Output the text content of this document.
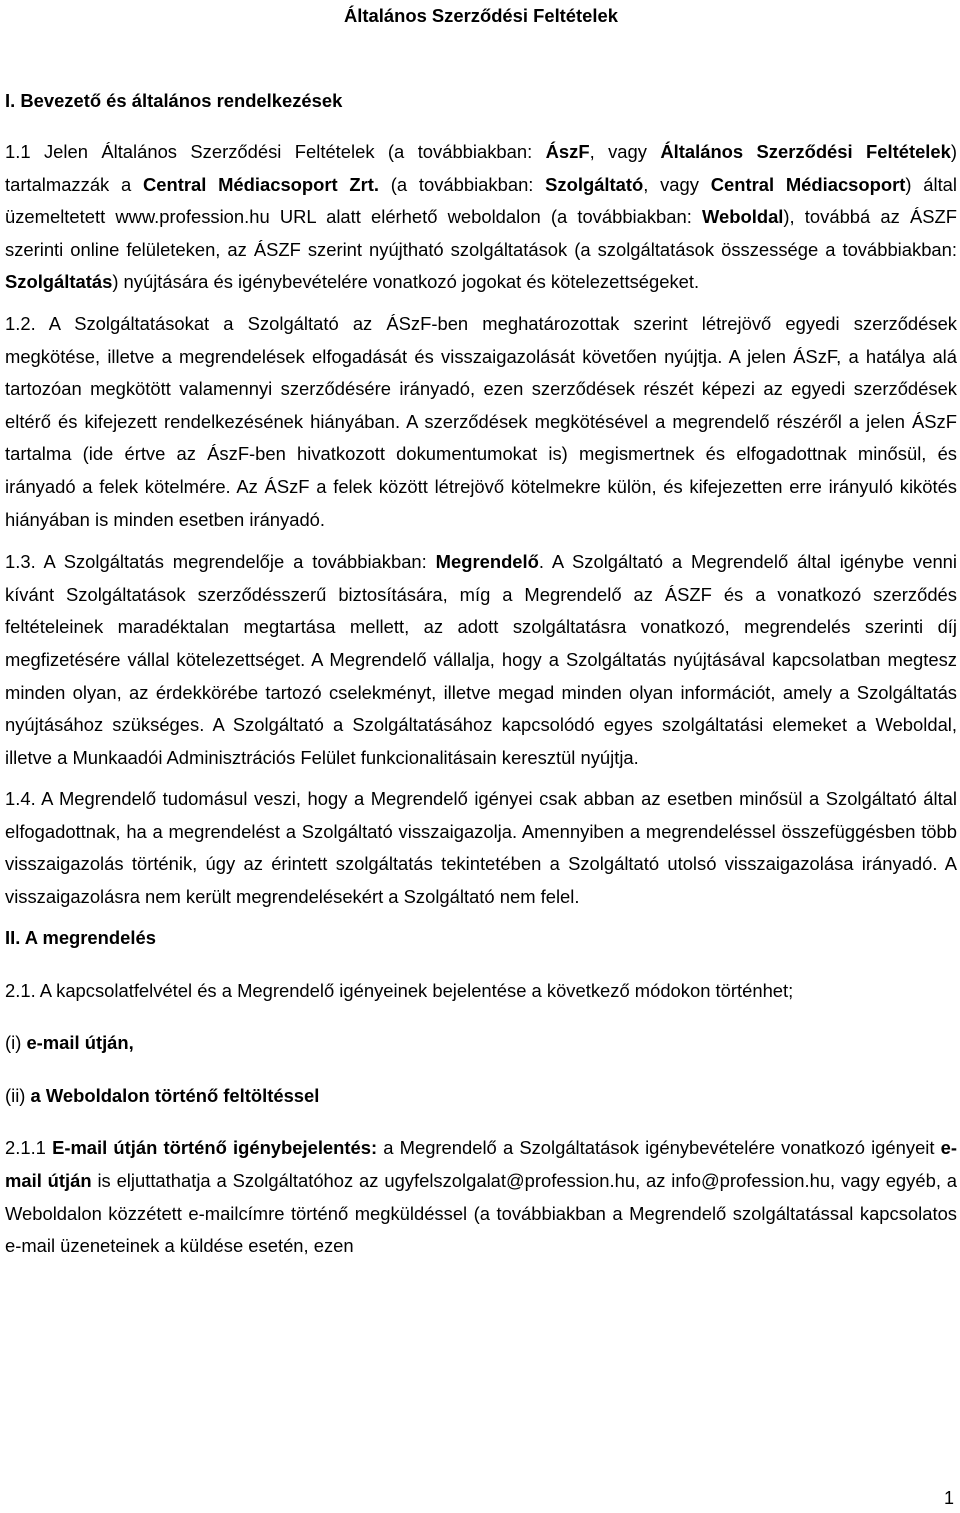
Általános Szerződési Feltételek
I. Bevezető és általános rendelkezések

1.1 Jelen Általános Szerződési Feltételek (a továbbiakban: ÁszF, vagy Általános Szerződési Feltételek) tartalmazzák a Central Médiacsoport Zrt. (a továbbiakban: Szolgáltató, vagy Central Médiacsoport) által üzemeltetett www.profession.hu URL alatt elérhető weboldalon (a továbbiakban: Weboldal), továbbá az ÁSZF szerinti online felületeken, az ÁSZF szerint nyújtható szolgáltatások (a szolgáltatások összessége a továbbiakban: Szolgáltatás) nyújtására és igénybevételére vonatkozó jogokat és kötelezettségeket.

1.2. A Szolgáltatásokat a Szolgáltató az ÁSzF-ben meghatározottak szerint létrejövő egyedi szerződések megkötése, illetve a megrendelések elfogadását és visszaigazolását követően nyújtja. A jelen ÁSzF, a hatálya alá tartozóan megkötött valamennyi szerződésére irányadó, ezen szerződések részét képezi az egyedi szerződések eltérő és kifejezett rendelkezésének hiányában. A szerződések megkötésével a megrendelő részéről a jelen ÁSzF tartalma (ide értve az ÁszF-ben hivatkozott dokumentumokat is) megismertnek és elfogadottnak minősül, és irányadó a felek kötelmére. Az ÁSzF a felek között létrejövő kötelmekre külön, és kifejezetten erre irányuló kikötés hiányában is minden esetben irányadó.

1.3. A Szolgáltatás megrendelője a továbbiakban: Megrendelő. A Szolgáltató a Megrendelő által igénybe venni kívánt Szolgáltatások szerződésszerű biztosítására, míg a Megrendelő az ÁSZF és a vonatkozó szerződés feltételeinek maradéktalan megtartása mellett, az adott szolgáltatásra vonatkozó, megrendelés szerinti díj megfizetésére vállal kötelezettséget. A Megrendelő vállalja, hogy a Szolgáltatás nyújtásával kapcsolatban megtesz minden olyan, az érdekkörébe tartozó cselekményt, illetve megad minden olyan információt, amely a Szolgáltatás nyújtásához szükséges. A Szolgáltató a Szolgáltatásához kapcsolódó egyes szolgáltatási elemeket a Weboldal, illetve a Munkaadói Adminisztrációs Felület funkcionalitásain keresztül nyújtja.

1.4. A Megrendelő tudomásul veszi, hogy a Megrendelő igényei csak abban az esetben minősül a Szolgáltató által elfogadottnak, ha a megrendelést a Szolgáltató visszaigazolja. Amennyiben a megrendeléssel összefüggésben több visszaigazolás történik, úgy az érintett szolgáltatás tekintetében a Szolgáltató utolsó visszaigazolása irányadó. A visszaigazolásra nem került megrendelésekért a Szolgáltató nem felel.

II. A megrendelés

2.1. A kapcsolatfelvétel és a Megrendelő igényeinek bejelentése a következő módokon történhet;

(i) e-mail útján,

(ii) a Weboldalon történő feltöltéssel

2.1.1 E-mail útján történő igénybejelentés: a Megrendelő a Szolgáltatások igénybevételére vonatkozó igényeit e-mail útján is eljuttathatja a Szolgáltatóhoz az ugyfelszolgalat@profession.hu, az info@profession.hu, vagy egyéb, a Weboldalon közzétett e-mailcímre történő megküldéssel (a továbbiakban a Megrendelő szolgáltatással kapcsolatos e-mail üzeneteinek a küldése esetén, ezen

1
